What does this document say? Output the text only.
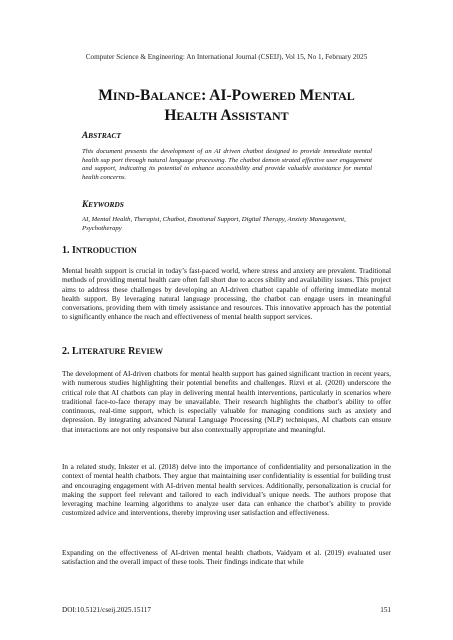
Computer Science & Engineering: An International Journal (CSEIJ), Vol 15, No 1, February 2025
MIND-BALANCE: AI-POWERED MENTAL
HEALTH ASSISTANT
ABSTRACT
This document presents the development of an AI driven chatbot designed to provide immediate mental health sup port through natural language processing. The chatbot demon strated effective user engagement and support, indicating its potential to enhance accessibility and provide valuable assistance for mental health concerns.
KEYWORDS
AI, Mental Health, Therapist, Chatbot, Emotional Support, Digital Therapy, Anxiety Management, Psychotherapy
1. INTRODUCTION
Mental health support is crucial in today’s fast-paced world, where stress and anxiety are prevalent. Traditional methods of providing mental health care often fall short due to acces sibility and availability issues. This project aims to address these challenges by developing an AI-driven chatbot capable of offering immediate mental health support. By leveraging natural language processing, the chatbot can engage users in meaningful conversations, providing them with timely assistance and resources. This innovative approach has the potential to significantly enhance the reach and effectiveness of mental health support services.
2. LITERATURE REVIEW
The development of AI-driven chatbots for mental health support has gained significant traction in recent years, with numerous studies highlighting their potential benefits and challenges. Rizvi et al. (2020) underscore the critical role that AI chatbots can play in delivering mental health interventions, particularly in scenarios where traditional face-to-face therapy may be unavailable. Their research highlights the chatbot’s ability to offer continuous, real-time support, which is especially valuable for managing conditions such as anxiety and depression. By integrating advanced Natural Language Processing (NLP) techniques, AI chatbots can ensure that interactions are not only responsive but also contextually appropriate and meaningful.
In a related study, Inkster et al. (2018) delve into the importance of confidentiality and personalization in the context of mental health chatbots. They argue that maintaining user confidentiality is essential for building trust and encouraging engagement with AI-driven mental health services. Additionally, personalization is crucial for making the support feel relevant and tailored to each individual’s unique needs. The authors propose that leveraging machine learning algorithms to analyze user data can enhance the chatbot’s ability to provide customized advice and interventions, thereby improving user satisfaction and effectiveness.
Expanding on the effectiveness of AI-driven mental health chatbots, Vaidyam et al. (2019) evaluated user satisfaction and the overall impact of these tools. Their findings indicate that while
DOI:10.5121/cseij.2025.15117	151
